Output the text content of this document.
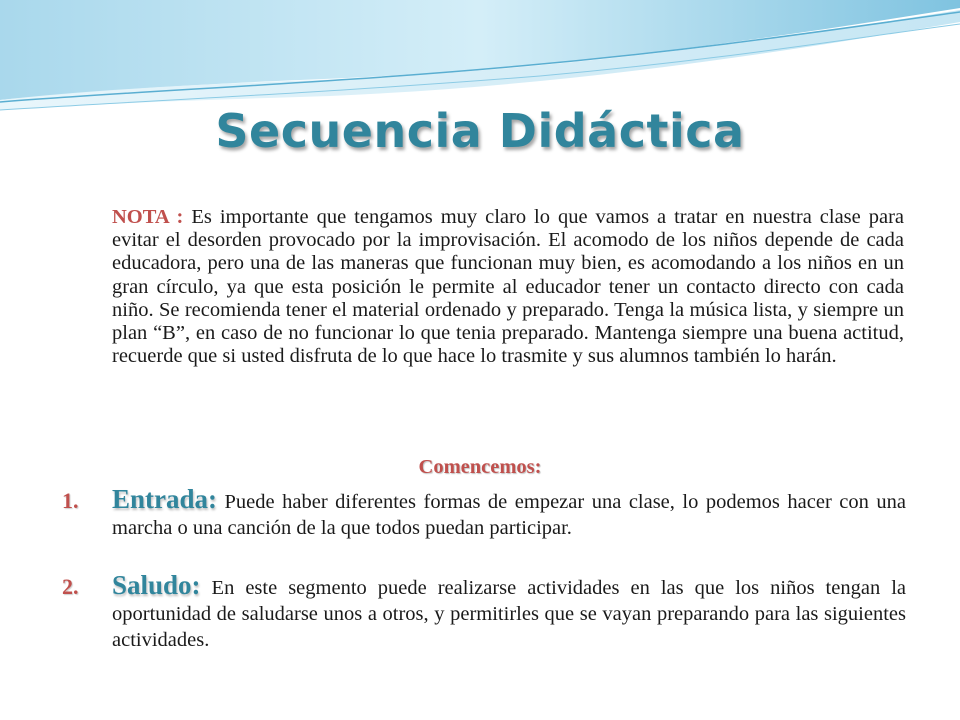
Secuencia Didáctica
NOTA : Es importante que tengamos muy claro lo que vamos a tratar en nuestra clase para evitar el desorden provocado por la improvisación. El acomodo de los niños depende de cada educadora, pero una de las maneras que funcionan muy bien, es acomodando a los niños en un gran círculo, ya que esta posición le permite al educador tener un contacto directo con cada niño. Se recomienda tener el material ordenado y preparado. Tenga la música lista, y siempre un plan “B”, en caso de no funcionar lo que tenia preparado. Mantenga siempre una buena actitud, recuerde que si usted disfruta de lo que hace lo trasmite y sus alumnos también lo harán.
Comencemos:
1. Entrada: Puede haber diferentes formas de empezar una clase, lo podemos hacer con una marcha o una canción de la que todos puedan participar.
2. Saludo: En este segmento puede realizarse actividades en las que los niños tengan la oportunidad de saludarse unos a otros, y permitirles que se vayan preparando para las siguientes actividades.
